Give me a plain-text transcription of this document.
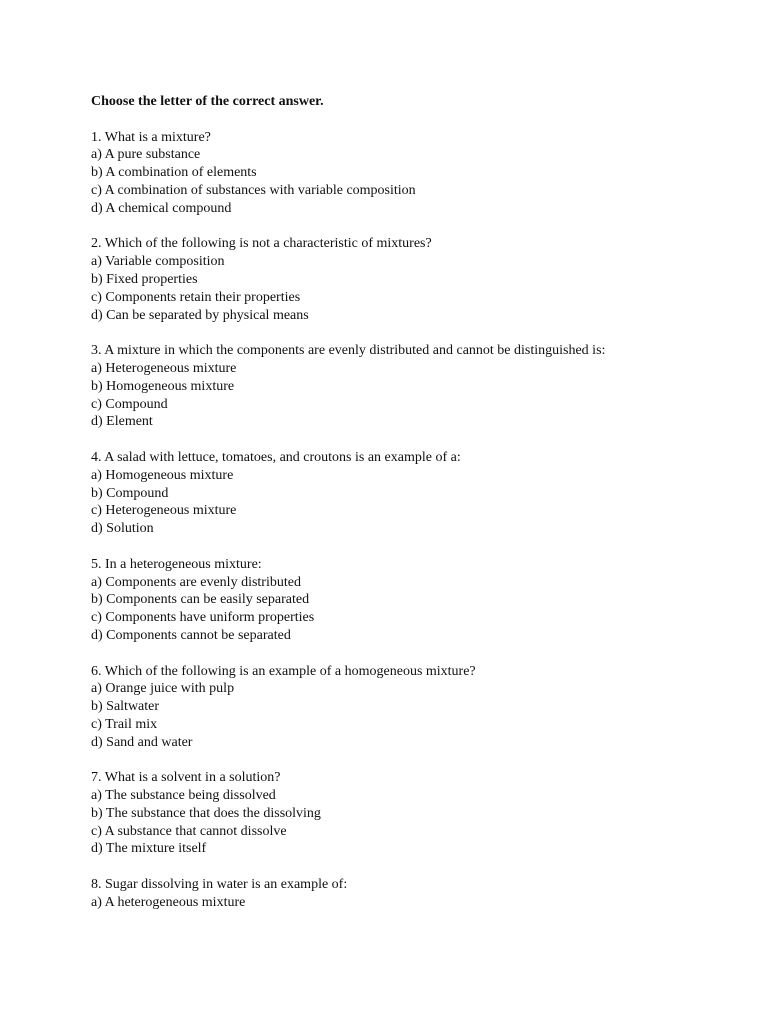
Choose the letter of the correct answer.

1. What is a mixture?

a) A pure substance

b) A combination of elements

c) A combination of substances with variable composition

d) A chemical compound

2. Which of the following is not a characteristic of mixtures?

a) Variable composition

b) Fixed properties

c) Components retain their properties

d) Can be separated by physical means

3. A mixture in which the components are evenly distributed and cannot be distinguished is:

a) Heterogeneous mixture

b) Homogeneous mixture

c) Compound

d) Element

4. A salad with lettuce, tomatoes, and croutons is an example of a:

a) Homogeneous mixture

b) Compound

c) Heterogeneous mixture

d) Solution

5. In a heterogeneous mixture:

a) Components are evenly distributed

b) Components can be easily separated

c) Components have uniform properties

d) Components cannot be separated

6. Which of the following is an example of a homogeneous mixture?

a) Orange juice with pulp

b) Saltwater

c) Trail mix

d) Sand and water

7. What is a solvent in a solution?

a) The substance being dissolved

b) The substance that does the dissolving

c) A substance that cannot dissolve

d) The mixture itself

8. Sugar dissolving in water is an example of:

a) A heterogeneous mixture
